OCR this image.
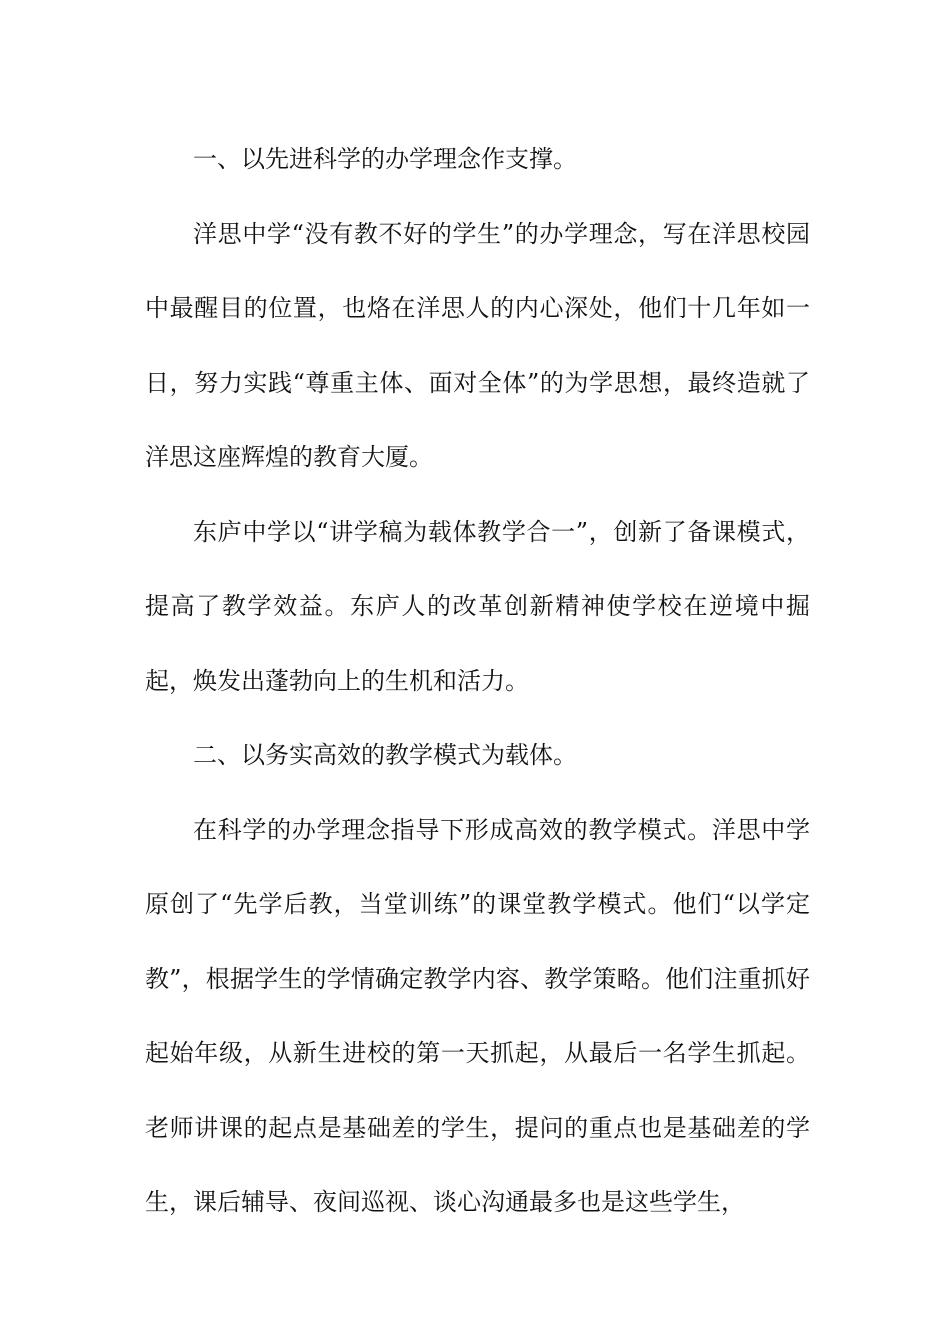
一、以先进科学的办学理念作支撑。

洋思中学“没有教不好的学生”的办学理念，写在洋思校园中最醒目的位置，也烙在洋思人的内心深处，他们十几年如一日，努力实践“尊重主体、面对全体”的为学思想，最终造就了洋思这座辉煌的教育大厦。

东庐中学以“讲学稿为载体教学合一”，创新了备课模式，提高了教学效益。东庐人的改革创新精神使学校在逆境中掘起，焕发出蓬勃向上的生机和活力。

二、以务实高效的教学模式为载体。

在科学的办学理念指导下形成高效的教学模式。洋思中学原创了“先学后教，当堂训练”的课堂教学模式。他们“以学定教”，根据学生的学情确定教学内容、教学策略。他们注重抓好起始年级，从新生进校的第一天抓起，从最后一名学生抓起。老师讲课的起点是基础差的学生，提问的重点也是基础差的学生，课后辅导、夜间巡视、谈心沟通最多也是这些学生，
